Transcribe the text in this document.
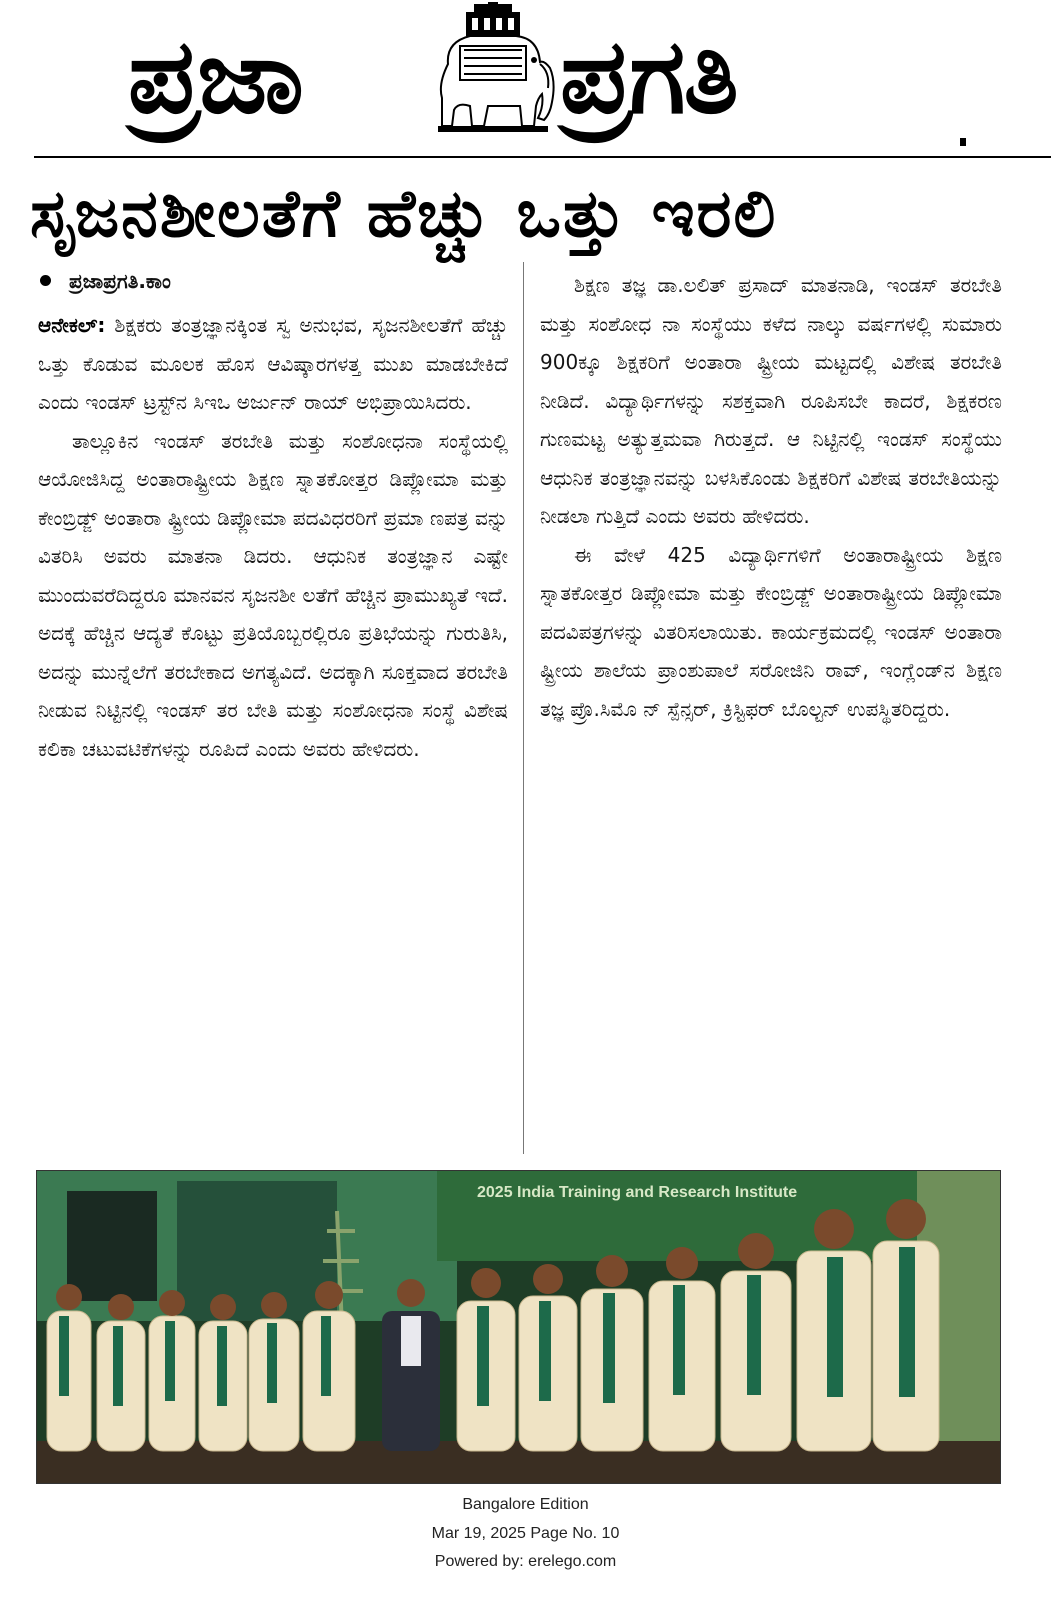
ಪ್ರಜಾ ಪ್ರಗತಿ
ಸೃಜನಶೀಲತೆಗೆ ಹೆಚ್ಚು ಒತ್ತು ಇರಲಿ
ಪ್ರಜಾಪ್ರಗತಿ.ಕಾಂ

ಆನೇಕಲ್: ಶಿಕ್ಷಕರು ತಂತ್ರಜ್ಞಾನಕ್ಕಿಂತ ಸ್ವ ಅನುಭವ, ಸೃಜನಶೀಲತೆಗೆ ಹೆಚ್ಚು ಒತ್ತು ಕೊಡುವ ಮೂಲಕ ಹೊಸ ಆವಿಷ್ಕಾರಗಳತ್ತ ಮುಖ ಮಾಡಬೇಕಿದೆ ಎಂದು ಇಂಡಸ್ ಟ್ರಸ್ಟ್‌ನ ಸಿಇಒ ಅರ್ಜುನ್ ರಾಯ್ ಅಭಿಪ್ರಾಯಿಸಿದರು.

ತಾಲ್ಲೂಕಿನ ಇಂಡಸ್ ತರಬೇತಿ ಮತ್ತು ಸಂಶೋಧನಾ ಸಂಸ್ಥೆಯಲ್ಲಿ ಆಯೋಜಿಸಿದ್ದ ಅಂತಾರಾಷ್ಟ್ರೀಯ ಶಿಕ್ಷಣ ಸ್ನಾತಕೋತ್ತರ ಡಿಪ್ಲೋಮಾ ಮತ್ತು ಕೇಂಬ್ರಿಡ್ಜ್ ಅಂತಾರಾ ಷ್ಟ್ರೀಯ ಡಿಪ್ಲೋಮಾ ಪದವಿಧರರಿಗೆ ಪ್ರಮಾ ಣಪತ್ರ ವನ್ನು ವಿತರಿಸಿ ಅವರು ಮಾತನಾ ಡಿದರು. ಆಧುನಿಕ ತಂತ್ರಜ್ಞಾನ ಎಷ್ಟೇ ಮುಂದುವರೆದಿದ್ದರೂ ಮಾನವನ ಸೃಜನಶೀ ಲತೆಗೆ ಹೆಚ್ಚಿನ ಪ್ರಾಮುಖ್ಯತೆ ಇದೆ. ಅದಕ್ಕೆ ಹೆಚ್ಚಿನ ಆದ್ಯತೆ ಕೊಟ್ಟು ಪ್ರತಿಯೊಬ್ಬರಲ್ಲಿರೂ ಪ್ರತಿಭೆಯನ್ನು ಗುರುತಿಸಿ, ಅದನ್ನು ಮುನ್ನೆಲೆಗೆ ತರಬೇಕಾದ ಅಗತ್ಯವಿದೆ. ಅದಕ್ಕಾಗಿ ಸೂಕ್ತವಾದ ತರಬೇತಿ ನೀಡುವ ನಿಟ್ಟಿನಲ್ಲಿ ಇಂಡಸ್ ತರ ಬೇತಿ ಮತ್ತು ಸಂಶೋಧನಾ ಸಂಸ್ಥೆ ವಿಶೇಷ ಕಲಿಕಾ ಚಟುವಟಿಕೆಗಳನ್ನು ರೂಪಿದೆ ಎಂದು ಅವರು ಹೇಳಿದರು.

ಶಿಕ್ಷಣ ತಜ್ಞ ಡಾ.ಲಲಿತ್ ಪ್ರಸಾದ್ ಮಾತನಾಡಿ, ಇಂಡಸ್ ತರಬೇತಿ ಮತ್ತು ಸಂಶೋಧ ನಾ ಸಂಸ್ಥೆಯು ಕಳೆದ ನಾಲ್ಕು ವರ್ಷಗಳಲ್ಲಿ ಸುಮಾರು 900ಕ್ಕೂ ಶಿಕ್ಷಕರಿಗೆ ಅಂತಾರಾ ಷ್ಟ್ರೀಯ ಮಟ್ಟದಲ್ಲಿ ವಿಶೇಷ ತರಬೇತಿ ನೀಡಿದೆ. ವಿದ್ಯಾರ್ಥಿಗಳನ್ನು ಸಶಕ್ತವಾಗಿ ರೂಪಿಸಬೇ ಕಾದರೆ, ಶಿಕ್ಷಕರಣ ಗುಣಮಟ್ಟ ಅತ್ಯುತ್ತಮವಾ ಗಿರುತ್ತದೆ. ಆ ನಿಟ್ಟಿನಲ್ಲಿ ಇಂಡಸ್ ಸಂಸ್ಥೆಯು ಆಧುನಿಕ ತಂತ್ರಜ್ಞಾನವನ್ನು ಬಳಸಿಕೊಂಡು ಶಿಕ್ಷಕರಿಗೆ ವಿಶೇಷ ತರಬೇತಿಯನ್ನು ನೀಡಲಾ ಗುತ್ತಿದೆ ಎಂದು ಅವರು ಹೇಳಿದರು.

ಈ ವೇಳೆ 425 ವಿದ್ಯಾರ್ಥಿಗಳಿಗೆ ಅಂತಾರಾಷ್ಟ್ರೀಯ ಶಿಕ್ಷಣ ಸ್ನಾತಕೋತ್ತರ ಡಿಪ್ಲೋಮಾ ಮತ್ತು ಕೇಂಬ್ರಿಡ್ಜ್ ಅಂತಾರಾಷ್ಟ್ರೀಯ ಡಿಪ್ಲೋಮಾ ಪದವಿಪತ್ರಗಳನ್ನು ವಿತರಿಸಲಾಯಿತು. ಕಾರ್ಯಕ್ರಮದಲ್ಲಿ ಇಂಡಸ್ ಅಂತಾರಾ ಷ್ಟ್ರೀಯ ಶಾಲೆಯ ಪ್ರಾಂಶುಪಾಲೆ ಸರೋಜಿನಿ ರಾವ್, ಇಂಗ್ಲೆಂಡ್‌ನ ಶಿಕ್ಷಣ ತಜ್ಞ ಪ್ರೊ.ಸಿಮೊ ನ್ ಸ್ಪೆನ್ಸರ್, ಕ್ರಿಸ್ಟಿಫರ್ ಬೊಲ್ಟನ್ ಉಪಸ್ಥಿತರಿದ್ದರು.

2025 India Training and Research Institute
Bangalore Edition
Mar 19, 2025 Page No. 10
Powered by: erelego.com
